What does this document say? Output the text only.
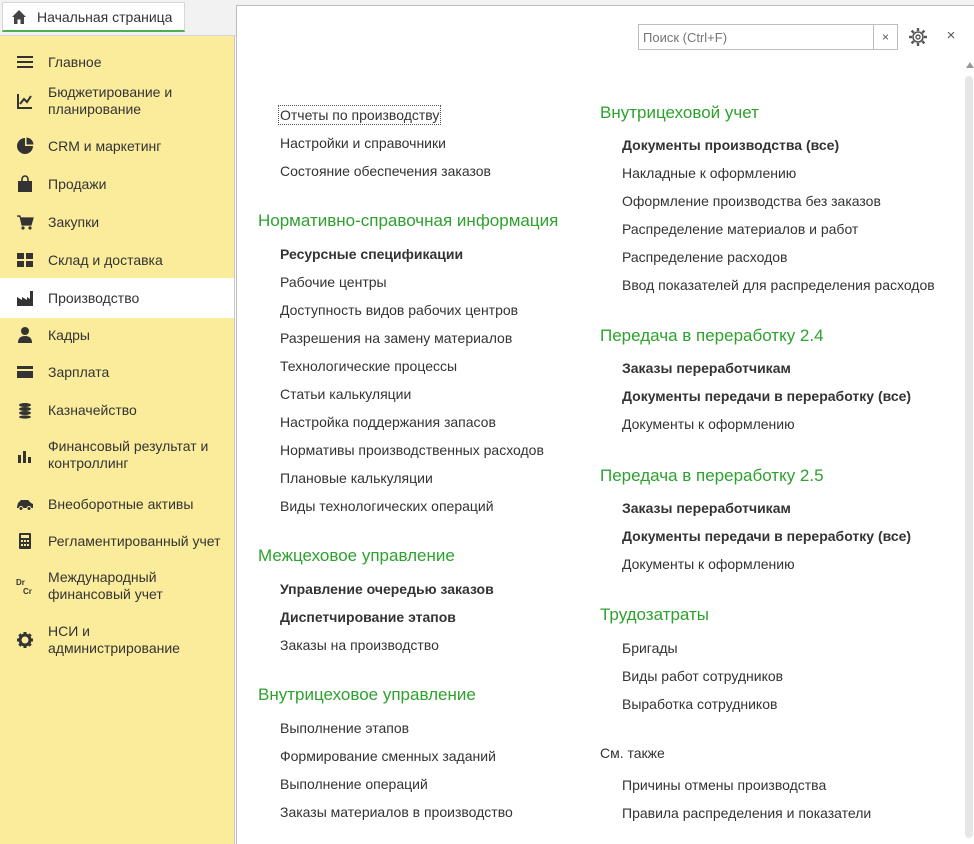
Начальная страница
Главное
Бюджетирование и
планирование
CRM и маркетинг
Продажи
Закупки
Склад и доставка
Производство
Кадры
Зарплата
Казначейство
Финансовый результат и
контроллинг
Внеоборотные активы
Регламентированный учет
Dr
Cr
Международный
финансовый учет
НСИ и
администрирование
Поиск (Ctrl+F)
×	×
Отчеты по производству
Настройки и справочники
Состояние обеспечения заказов
Нормативно-справочная информация
Ресурсные спецификации
Рабочие центры
Доступность видов рабочих центров
Разрешения на замену материалов
Технологические процессы
Статьи калькуляции
Настройка поддержания запасов
Нормативы производственных расходов
Плановые калькуляции
Виды технологических операций
Межцеховое управление
Управление очередью заказов
Диспетчирование этапов
Заказы на производство
Внутрицеховое управление
Выполнение этапов
Формирование сменных заданий
Выполнение операций
Заказы материалов в производство
Внутрицеховой учет
Документы производства (все)
Накладные к оформлению
Оформление производства без заказов
Распределение материалов и работ
Распределение расходов
Ввод показателей для распределения расходов
Передача в переработку 2.4
Заказы переработчикам
Документы передачи в переработку (все)
Документы к оформлению
Передача в переработку 2.5
Заказы переработчикам
Документы передачи в переработку (все)
Документы к оформлению
Трудозатраты
Бригады
Виды работ сотрудников
Выработка сотрудников
См. также
Причины отмены производства
Правила распределения и показатели
